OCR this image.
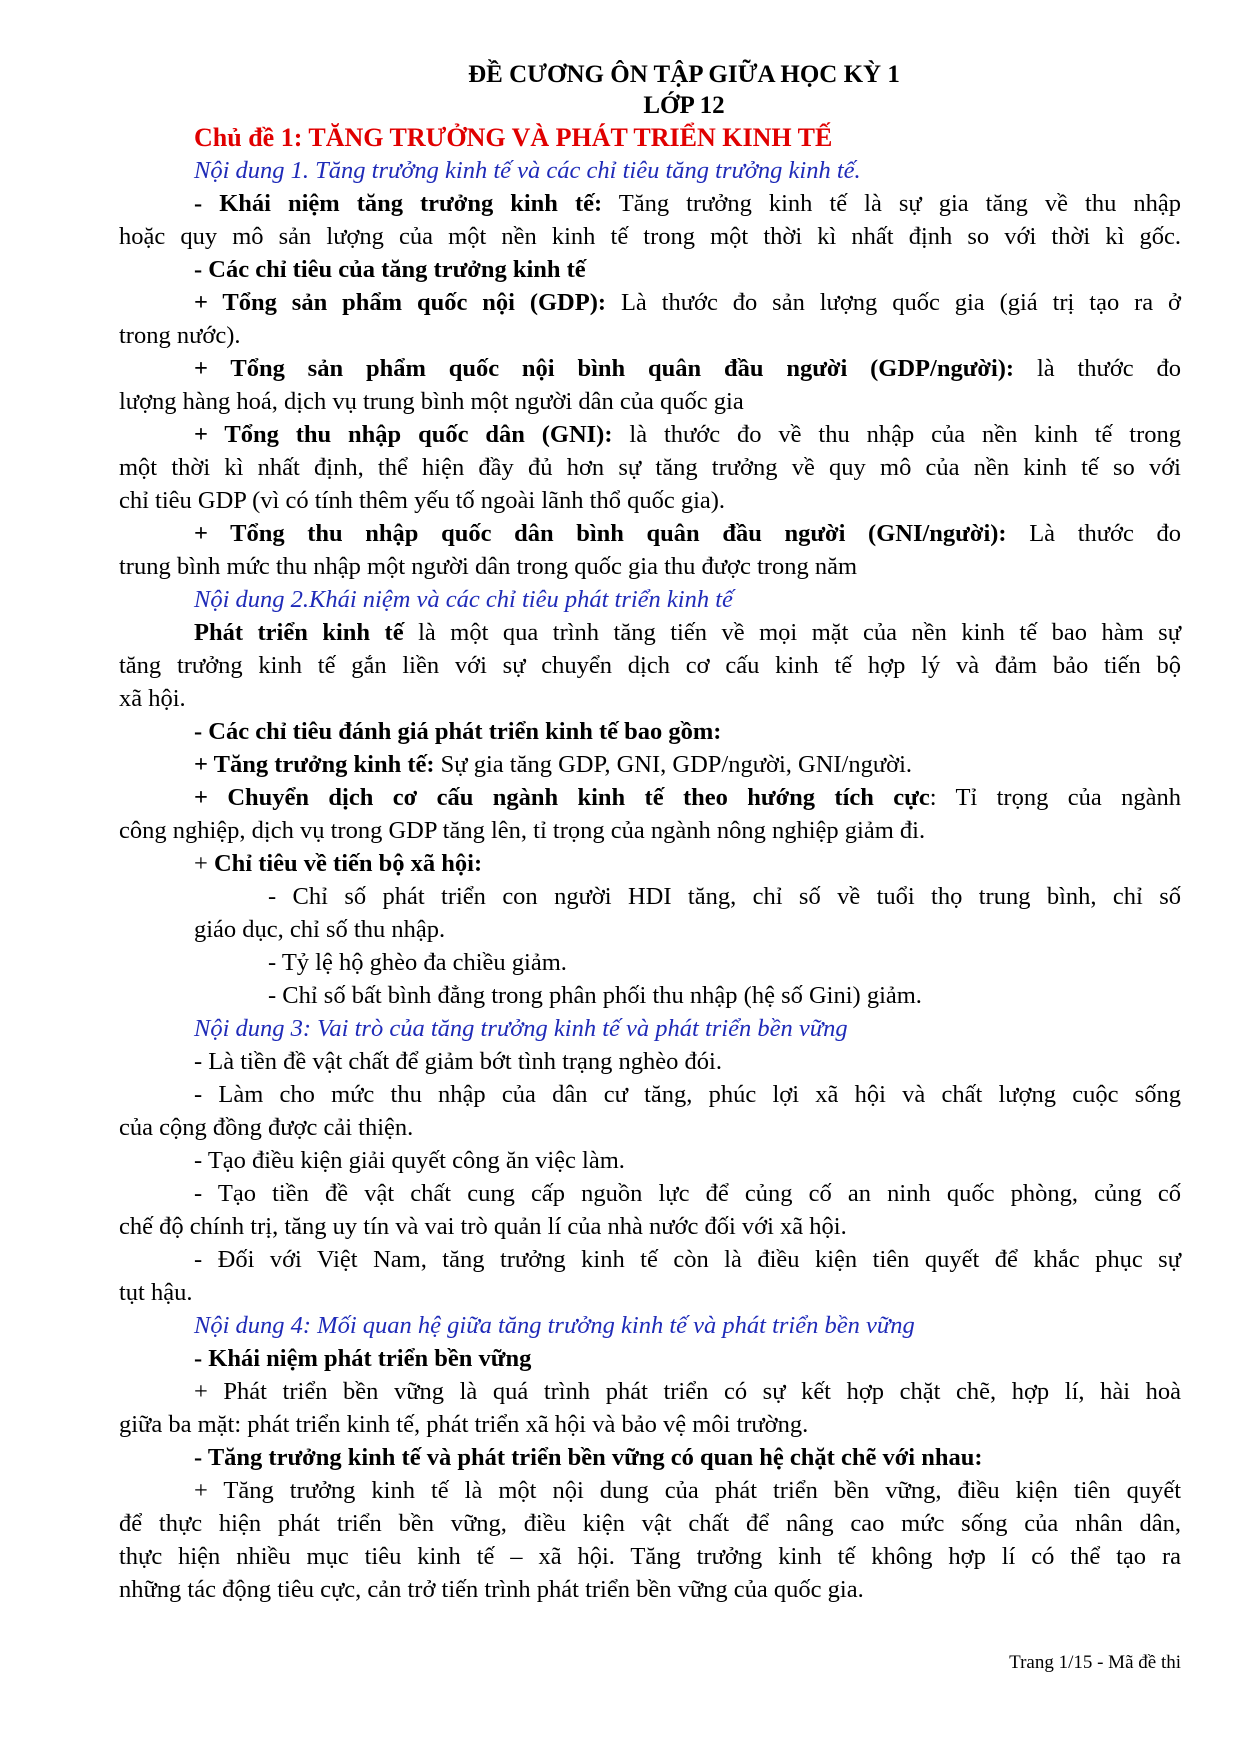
ĐỀ CƯƠNG ÔN TẬP GIỮA HỌC KỲ 1

LỚP 12

Chủ đề 1: TĂNG TRƯỞNG VÀ PHÁT TRIỂN KINH TẾ

Nội dung 1. Tăng trưởng kinh tế và các chỉ tiêu tăng trưởng kinh tế.

- Khái niệm tăng trưởng kinh tế: Tăng trưởng kinh tế là sự gia tăng về thu nhập

hoặc quy mô sản lượng của một nền kinh tế trong một thời kì nhất định so với thời kì gốc.

- Các chỉ tiêu của tăng trưởng kinh tế

+ Tổng sản phẩm quốc nội (GDP): Là thước đo sản lượng quốc gia (giá trị tạo ra ở

trong nước).

+ Tổng sản phẩm quốc nội bình quân đầu người (GDP/người): là thước đo

lượng hàng hoá, dịch vụ trung bình một người dân của quốc gia

+ Tổng thu nhập quốc dân (GNI): là thước đo về thu nhập của nền kinh tế trong

một thời kì nhất định, thể hiện đầy đủ hơn sự tăng trưởng về quy mô của nền kinh tế so với

chỉ tiêu GDP (vì có tính thêm yếu tố ngoài lãnh thổ quốc gia).

+ Tổng thu nhập quốc dân bình quân đầu người (GNI/người): Là thước đo

trung bình mức thu nhập một người dân trong quốc gia thu được trong năm

Nội dung 2.Khái niệm và các chỉ tiêu phát triển kinh tế

Phát triển kinh tế là một qua trình tăng tiến về mọi mặt của nền kinh tế bao hàm sự

tăng trưởng kinh tế gắn liền với sự chuyển dịch cơ cấu kinh tế hợp lý và đảm bảo tiến bộ

xã hội.

- Các chỉ tiêu đánh giá phát triển kinh tế bao gồm:

+ Tăng trưởng kinh tế: Sự gia tăng GDP, GNI, GDP/người, GNI/người.

+ Chuyển dịch cơ cấu ngành kinh tế theo hướng tích cực: Tỉ trọng của ngành

công nghiệp, dịch vụ trong GDP tăng lên, tỉ trọng của ngành nông nghiệp giảm đi.

+ Chỉ tiêu về tiến bộ xã hội:

- Chỉ số phát triển con người HDI tăng, chỉ số về tuổi thọ trung bình, chỉ số

giáo dục, chỉ số thu nhập.

- Tỷ lệ hộ ghèo đa chiều giảm.

- Chỉ số bất bình đẳng trong phân phối thu nhập (hệ số Gini) giảm.

Nội dung 3: Vai trò của tăng trưởng kinh tế và phát triển bền vững

- Là tiền đề vật chất để giảm bớt tình trạng nghèo đói.

- Làm cho mức thu nhập của dân cư tăng, phúc lợi xã hội và chất lượng cuộc sống

của cộng đồng được cải thiện.

- Tạo điều kiện giải quyết công ăn việc làm.

- Tạo tiền đề vật chất cung cấp nguồn lực để củng cố an ninh quốc phòng, củng cố

chế độ chính trị, tăng uy tín và vai trò quản lí của nhà nước đối với xã hội.

- Đối với Việt Nam, tăng trưởng kinh tế còn là điều kiện tiên quyết để khắc phục sự

tụt hậu.

Nội dung 4: Mối quan hệ giữa tăng trưởng kinh tế và phát triển bền vững

- Khái niệm phát triển bền vững

+ Phát triển bền vững là quá trình phát triển có sự kết hợp chặt chẽ, hợp lí, hài hoà

giữa ba mặt: phát triển kinh tế, phát triển xã hội và bảo vệ môi trường.

- Tăng trưởng kinh tế và phát triển bền vững có quan hệ chặt chẽ với nhau:

+ Tăng trưởng kinh tế là một nội dung của phát triển bền vững, điều kiện tiên quyết

để thực hiện phát triển bền vững, điều kiện vật chất để nâng cao mức sống của nhân dân,

thực hiện nhiều mục tiêu kinh tế – xã hội. Tăng trưởng kinh tế không hợp lí có thể tạo ra

những tác động tiêu cực, cản trở tiến trình phát triển bền vững của quốc gia.

Trang 1/15 - Mã đề thi
